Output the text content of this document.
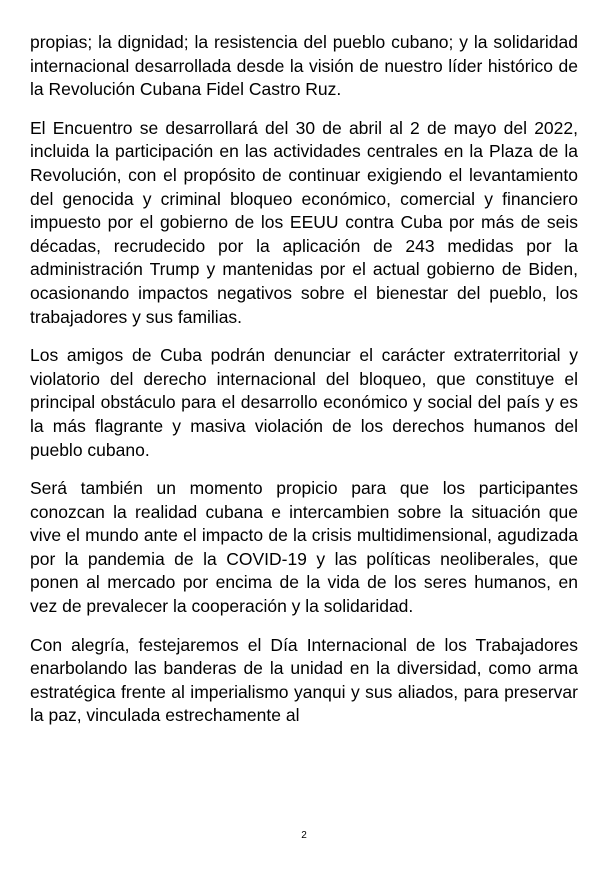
propias; la dignidad; la resistencia del pueblo cubano; y la solidaridad internacional desarrollada desde la visión de nuestro líder histórico de la Revolución Cubana Fidel Castro Ruz.

El Encuentro se desarrollará del 30 de abril al 2 de mayo del 2022, incluida la participación en las actividades centrales en la Plaza de la Revolución, con el propósito de continuar exigiendo el levantamiento del genocida y criminal bloqueo económico, comercial y financiero impuesto por el gobierno de los EEUU contra Cuba por más de seis décadas, recrudecido por la aplicación de 243 medidas por la administración Trump y mantenidas por el actual gobierno de Biden, ocasionando impactos negativos sobre el bienestar del pueblo, los trabajadores y sus familias.

Los amigos de Cuba podrán denunciar el carácter extraterritorial y violatorio del derecho internacional del bloqueo, que constituye el principal obstáculo para el desarrollo económico y social del país y es la más flagrante y masiva violación de los derechos humanos del pueblo cubano.

Será también un momento propicio para que los participantes conozcan la realidad cubana e intercambien sobre la situación que vive el mundo ante el impacto de la crisis multidimensional, agudizada por la pandemia de la COVID-19 y las políticas neoliberales, que ponen al mercado por encima de la vida de los seres humanos, en vez de prevalecer la cooperación y la solidaridad.

Con alegría, festejaremos el Día Internacional de los Trabajadores enarbolando las banderas de la unidad en la diversidad, como arma estratégica frente al imperialismo yanqui y sus aliados, para preservar la paz, vinculada estrechamente al

2
